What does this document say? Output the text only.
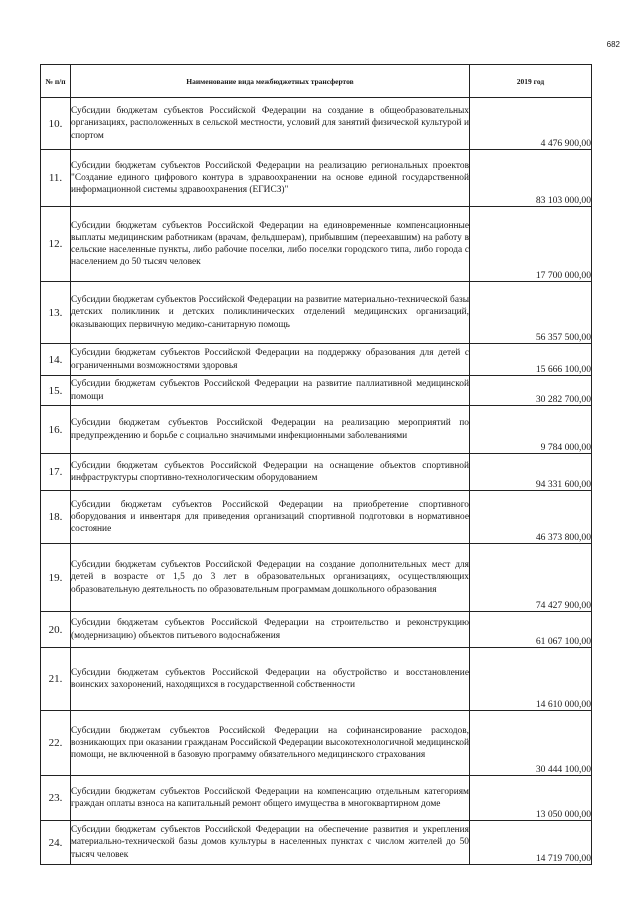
682
№ п/п	Наименование вида межбюджетных трансфертов	2019 год
10.	Субсидии бюджетам субъектов Российской Федерации на создание в общеобразовательных организациях, расположенных в сельской местности, условий для занятий физической культурой и спортом	4 476 900,00
11.	Субсидии бюджетам субъектов Российской Федерации на реализацию региональных проектов "Создание единого цифрового контура в здравоохранении на основе единой государственной информационной системы здравоохранения (ЕГИСЗ)"	83 103 000,00
12.	Субсидии бюджетам субъектов Российской Федерации на единовременные компенсационные выплаты медицинским работникам (врачам, фельдшерам), прибывшим (переехавшим) на работу в сельские населенные пункты, либо рабочие поселки, либо поселки городского типа, либо города с населением до 50 тысяч человек	17 700 000,00
13.	Субсидии бюджетам субъектов Российской Федерации на развитие материально-технической базы детских поликлиник и детских поликлинических отделений медицинских организаций, оказывающих первичную медико-санитарную помощь	56 357 500,00
14.	Субсидии бюджетам субъектов Российской Федерации на поддержку образования для детей с ограниченными возможностями здоровья	15 666 100,00
15.	Субсидии бюджетам субъектов Российской Федерации на развитие паллиативной медицинской помощи	30 282 700,00
16.	Субсидии бюджетам субъектов Российской Федерации на реализацию мероприятий по предупреждению и борьбе с социально значимыми инфекционными заболеваниями	9 784 000,00
17.	Субсидии бюджетам субъектов Российской Федерации на оснащение объектов спортивной инфраструктуры спортивно-технологическим оборудованием	94 331 600,00
18.	Субсидии бюджетам субъектов Российской Федерации на приобретение спортивного оборудования и инвентаря для приведения организаций спортивной подготовки в нормативное состояние	46 373 800,00
19.	Субсидии бюджетам субъектов Российской Федерации на создание дополнительных мест для детей в возрасте от 1,5 до 3 лет в образовательных организациях, осуществляющих образовательную деятельность по образовательным программам дошкольного образования	74 427 900,00
20.	Субсидии бюджетам субъектов Российской Федерации на строительство и реконструкцию (модернизацию) объектов питьевого водоснабжения	61 067 100,00
21.	Субсидии бюджетам субъектов Российской Федерации на обустройство и восстановление воинских захоронений, находящихся в государственной собственности	14 610 000,00
22.	Субсидии бюджетам субъектов Российской Федерации на софинансирование расходов, возникающих при оказании гражданам Российской Федерации высокотехнологичной медицинской помощи, не включенной в базовую программу обязательного медицинского страхования	30 444 100,00
23.	Субсидии бюджетам субъектов Российской Федерации на компенсацию отдельным категориям граждан оплаты взноса на капитальный ремонт общего имущества в многоквартирном доме	13 050 000,00
24.	Субсидии бюджетам субъектов Российской Федерации на обеспечение развития и укрепления материально-технической базы домов культуры в населенных пунктах с числом жителей до 50 тысяч человек	14 719 700,00
